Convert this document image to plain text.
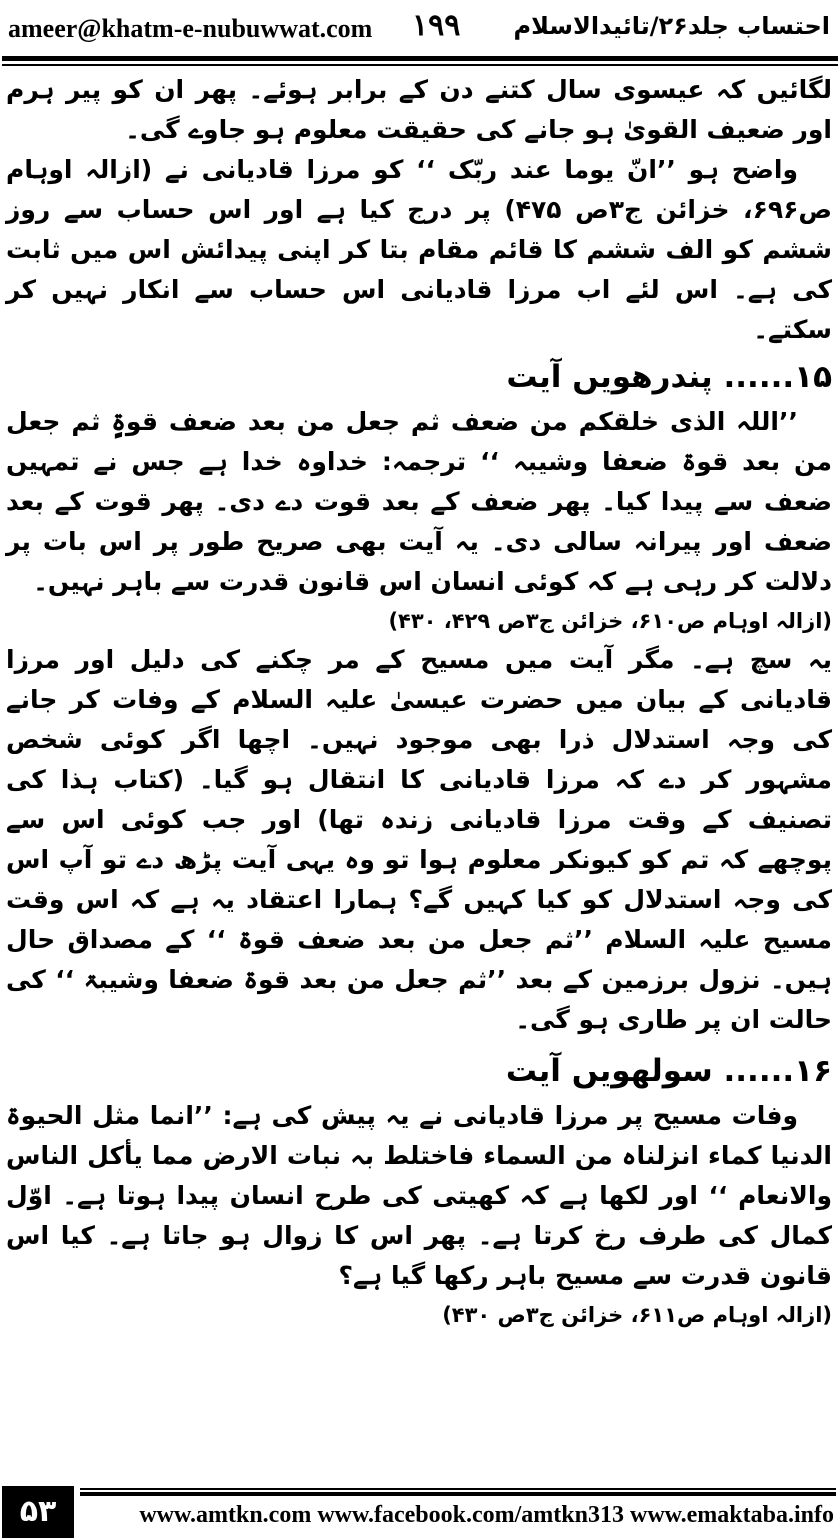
ameer@khatm-e-nubuwwat.com ۱۹۹ احتساب جلد۲۶/تائیدالاسلام

لگائیں کہ عیسوی سال کتنے دن کے برابر ہوئے۔ پھر ان کو پیر ہرم اور ضعیف القویٰ ہو جانے کی حقیقت معلوم ہو جاوے گی۔

واضح ہو ’’انّ یوما عند ربّک ‘‘ کو مرزا قادیانی نے (ازالہ اوہام ص۶۹۶، خزائن ج۳ص ۴۷۵) پر درج کیا ہے اور اس حساب سے روز ششم کو الف ششم کا قائم مقام بتا کر اپنی پیدائش اس میں ثابت کی ہے۔ اس لئے اب مرزا قادیانی اس حساب سے انکار نہیں کر سکتے۔

۱۵...... پندرھویں آیت

’’اللہ الذی خلقکم من ضعف ثم جعل من بعد ضعف قوۃٍ ثم جعل من بعد قوۃ ضعفا وشیبہ ‘‘ ترجمہ: خداوہ خدا ہے جس نے تمہیں ضعف سے پیدا کیا۔ پھر ضعف کے بعد قوت دے دی۔ پھر قوت کے بعد ضعف اور پیرانہ سالی دی۔ یہ آیت بھی صریح طور پر اس بات پر دلالت کر رہی ہے کہ کوئی انسان اس قانون قدرت سے باہر نہیں۔

(ازالہ اوہام ص۶۱۰، خزائن ج۳ص ۴۲۹، ۴۳۰)

یہ سچ ہے۔ مگر آیت میں مسیح کے مر چکنے کی دلیل اور مرزا قادیانی کے بیان میں حضرت عیسیٰ علیہ السلام کے وفات کر جانے کی وجہ استدلال ذرا بھی موجود نہیں۔ اچھا اگر کوئی شخص مشہور کر دے کہ مرزا قادیانی کا انتقال ہو گیا۔ (کتاب ہذا کی تصنیف کے وقت مرزا قادیانی زندہ تھا) اور جب کوئی اس سے پوچھے کہ تم کو کیونکر معلوم ہوا تو وہ یہی آیت پڑھ دے تو آپ اس کی وجہ استدلال کو کیا کہیں گے؟ ہمارا اعتقاد یہ ہے کہ اس وقت مسیح علیہ السلام ’’ثم جعل من بعد ضعف قوۃ ‘‘ کے مصداق حال ہیں۔ نزول برزمین کے بعد ’’ثم جعل من بعد قوۃ ضعفا وشیبۃ ‘‘ کی حالت ان پر طاری ہو گی۔

۱۶...... سولھویں آیت

وفات مسیح پر مرزا قادیانی نے یہ پیش کی ہے: ’’انما مثل الحیوۃ الدنیا کماء انزلناہ من السماء فاختلط بہ نبات الارض مما یأکل الناس والانعام ‘‘ اور لکھا ہے کہ کھیتی کی طرح انسان پیدا ہوتا ہے۔ اوّل کمال کی طرف رخ کرتا ہے۔ پھر اس کا زوال ہو جاتا ہے۔ کیا اس قانون قدرت سے مسیح باہر رکھا گیا ہے؟

(ازالہ اوہام ص۶۱۱، خزائن ج۳ص ۴۳۰)

۵۳	www.amtkn.com www.facebook.com/amtkn313 www.emaktaba.info
